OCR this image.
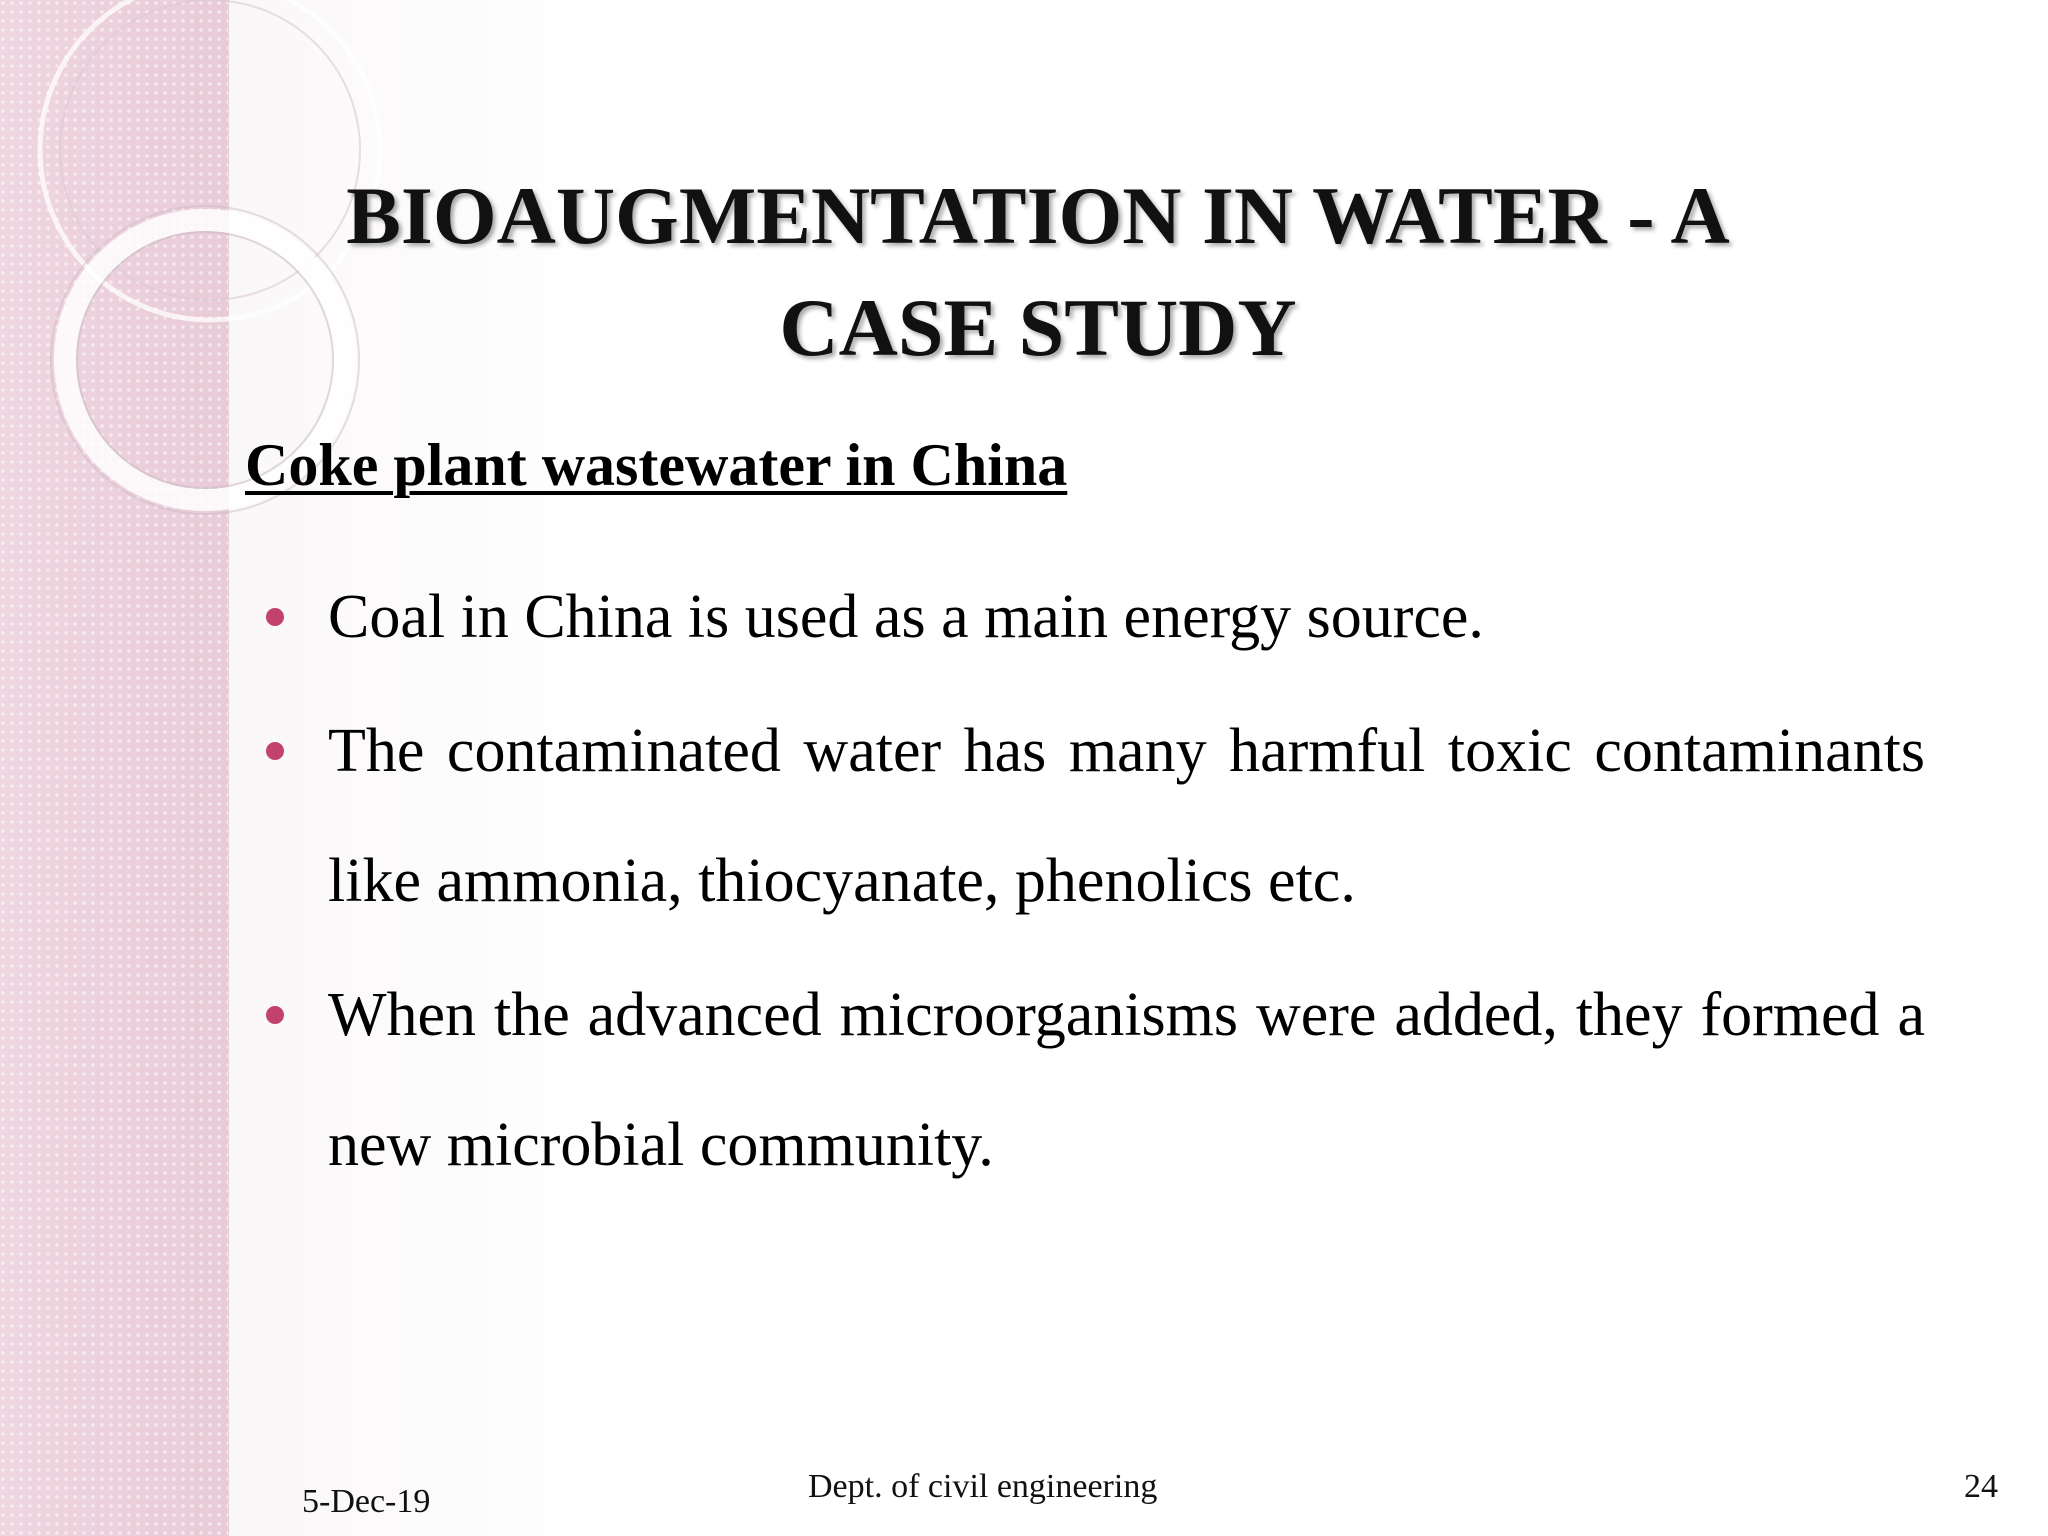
BIOAUGMENTATION IN WATER - A
CASE STUDY
Coke plant wastewater in China
Coal in China is used as a main energy source.
The contaminated water has many harmful toxic contaminants like ammonia, thiocyanate, phenolics etc.
When the advanced microorganisms were added, they formed a new microbial community.
5-Dec-19	Dept. of civil engineering	24
